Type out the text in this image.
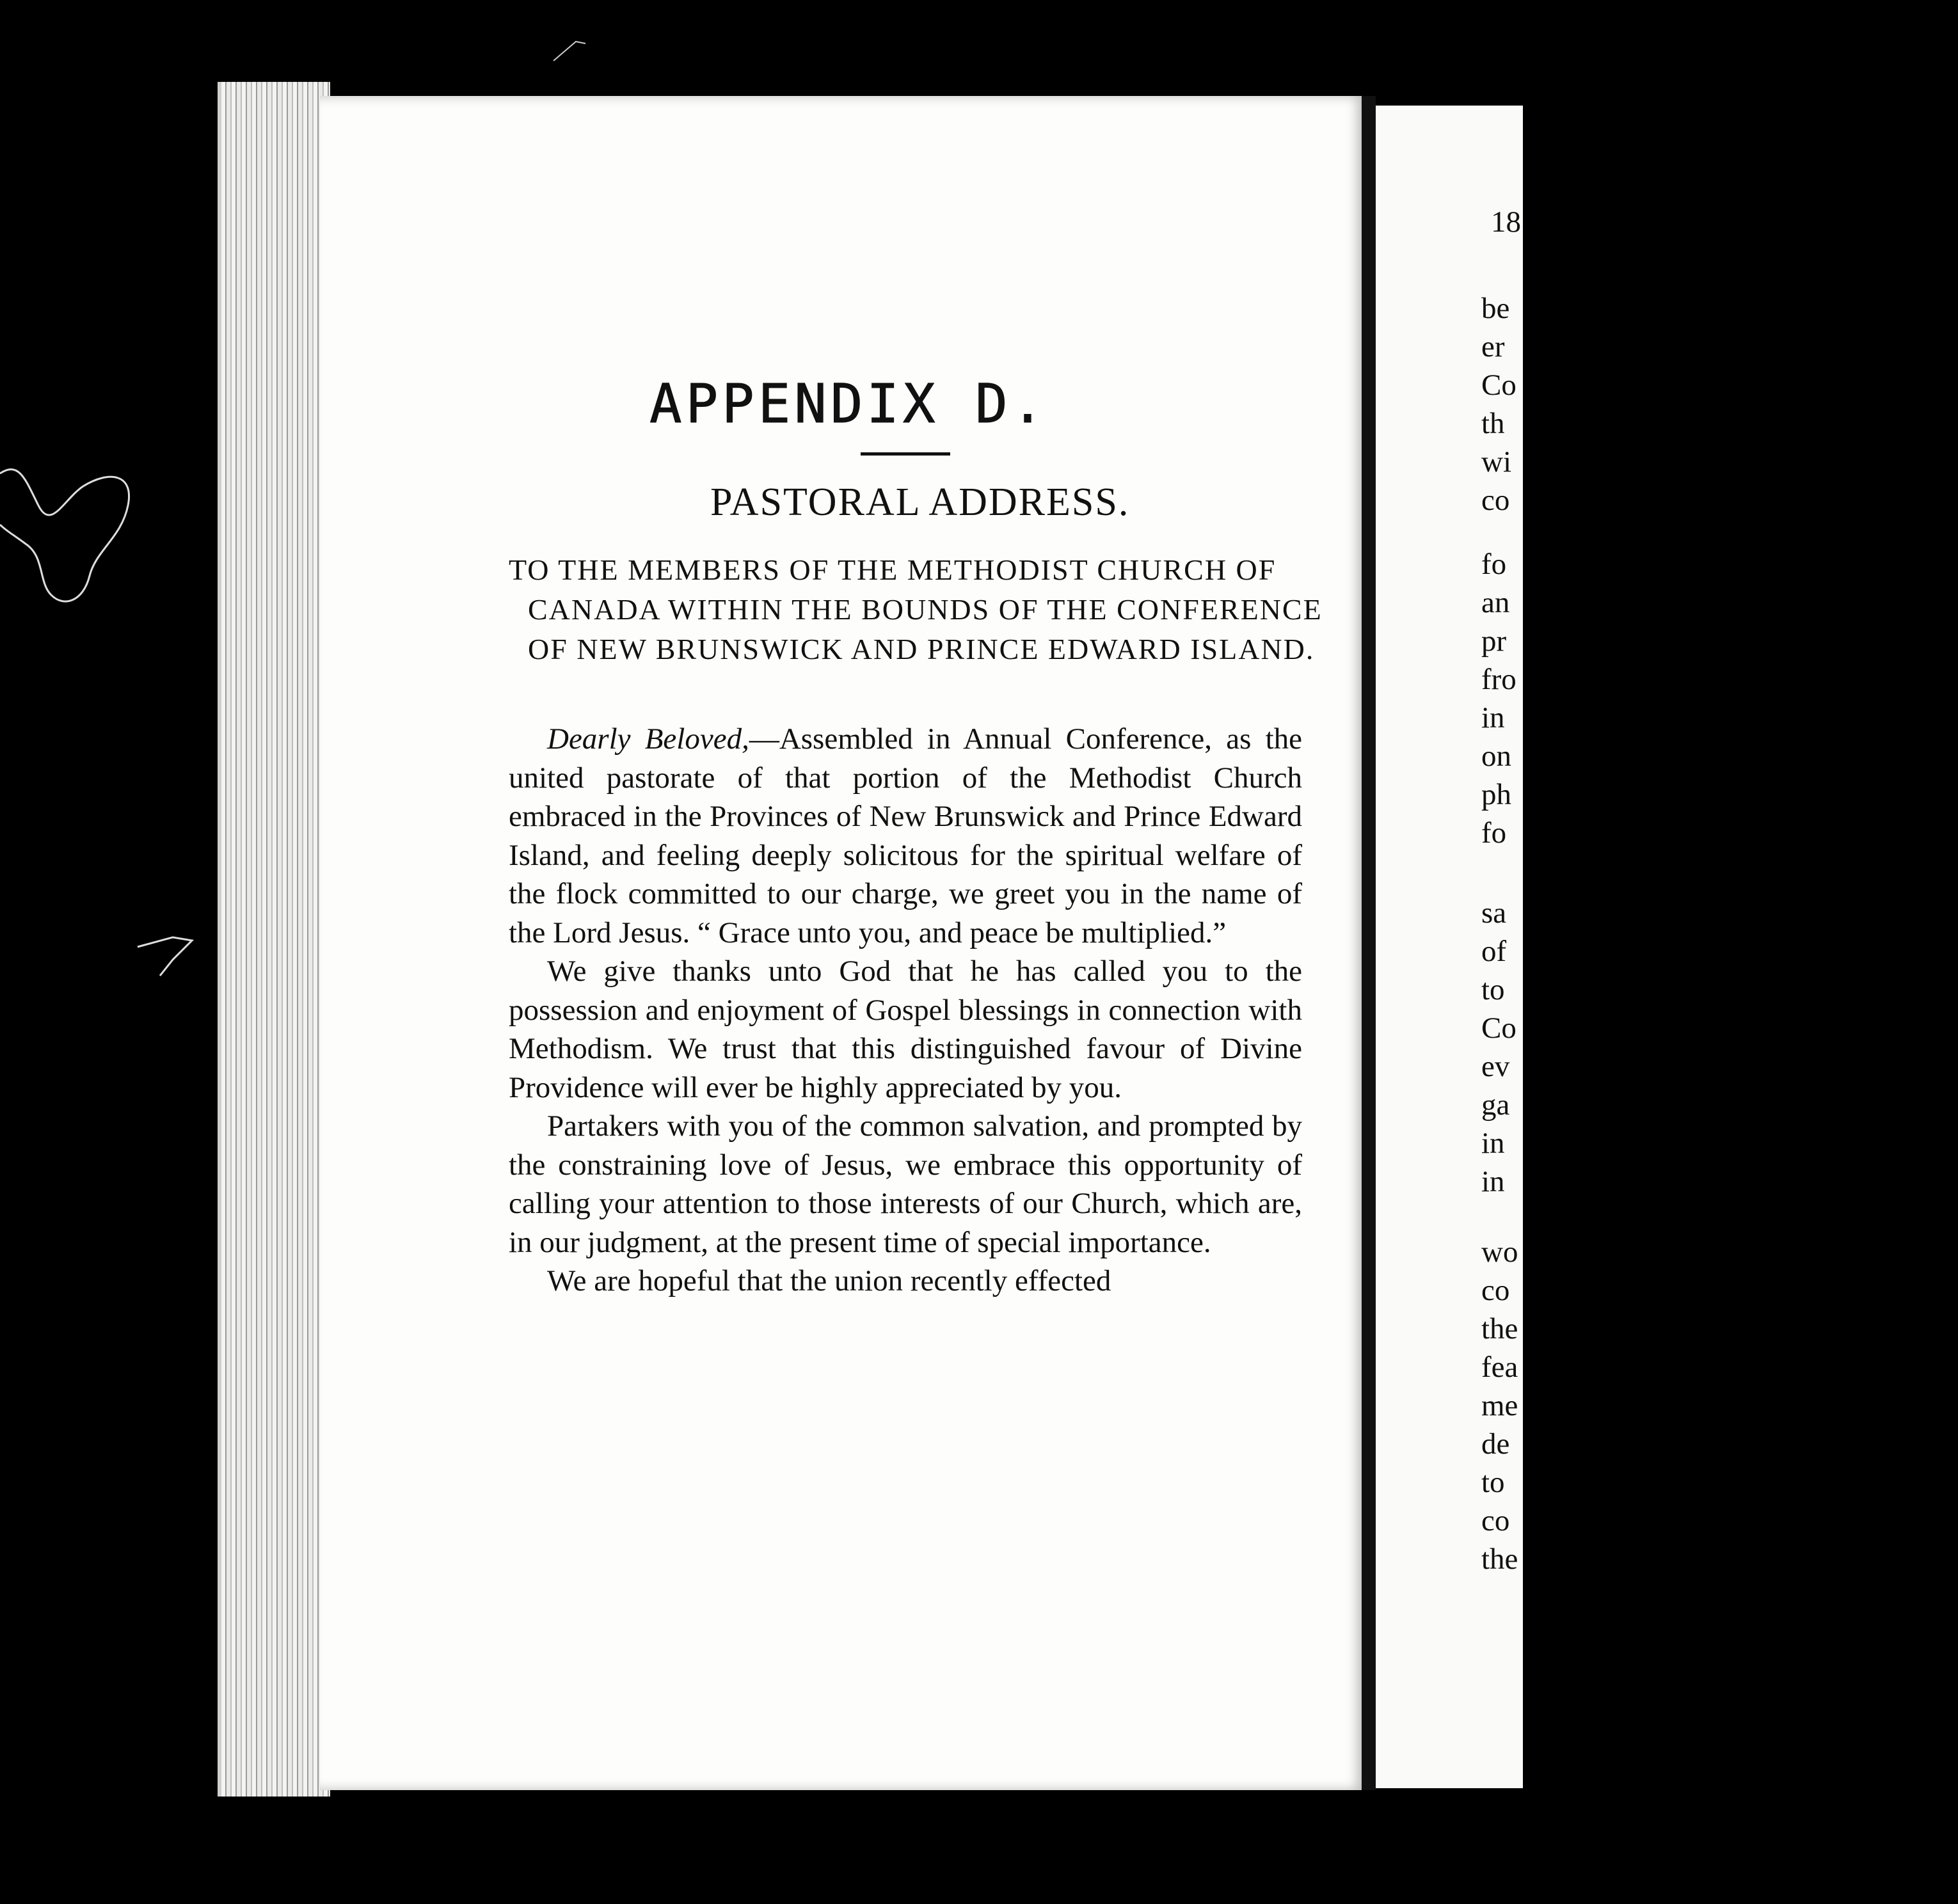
APPENDIX D.
PASTORAL ADDRESS.
TO THE MEMBERS OF THE METHODIST CHURCH OF CANADA WITHIN THE BOUNDS OF THE CONFERENCE OF NEW BRUNSWICK AND PRINCE EDWARD ISLAND.

Dearly Beloved,—Assembled in Annual Conference, as the united pastorate of that portion of the Methodist Church embraced in the Provinces of New Brunswick and Prince Edward Island, and feeling deeply solicitous for the spiritual welfare of the flock committed to our charge, we greet you in the name of the Lord Jesus. “ Grace unto you, and peace be multiplied.”

We give thanks unto God that he has called you to the possession and enjoyment of Gospel blessings in connection with Methodism. We trust that this distinguished favour of Divine Providence will ever be highly appreciated by you.

Partakers with you of the common salvation, and prompted by the constraining love of Jesus, we embrace this opportunity of calling your attention to those interests of our Church, which are, in our judgment, at the present time of special importance.

We are hopeful that the union recently effected

18
be
er
Co
th
wi
co
fo
an
pr
fro
in
on
ph
fo
sa
of
to
Co
ev
ga
in
in
wo
co
the
fea
me
de
to
co
the
